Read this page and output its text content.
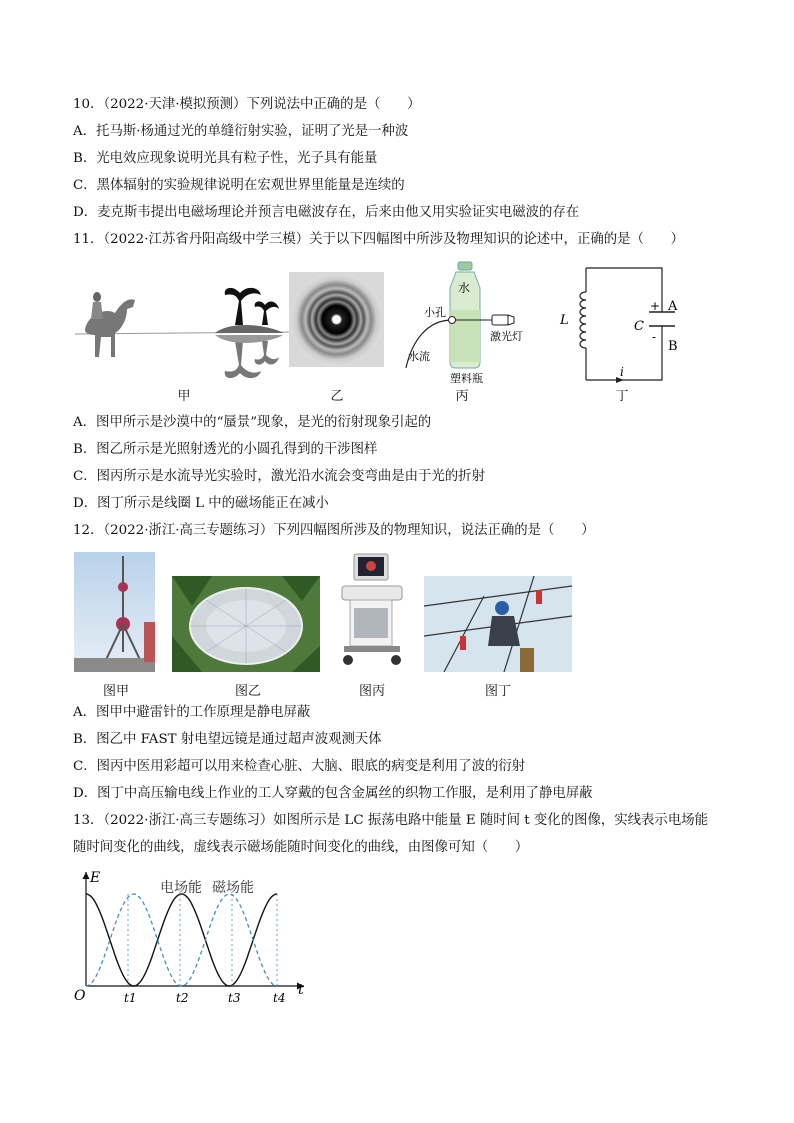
10．（2022·天津·模拟预测）下列说法中正确的是（　　）
A．托马斯·杨通过光的单缝衍射实验，证明了光是一种波
B．光电效应现象说明光具有粒子性，光子具有能量
C．黑体辐射的实验规律说明在宏观世界里能量是连续的
D．麦克斯韦提出电磁场理论并预言电磁波存在，后来由他又用实验证实电磁波的存在
11．（2022·江苏省丹阳高级中学三模）关于以下四幅图中所涉及物理知识的论述中，正确的是（　　）
甲	乙
水
小孔
激光灯
水流
塑料瓶
丙
L	C
+
-
A
B
i
丁
A．图甲所示是沙漠中的“蜃景”现象，是光的衍射现象引起的
B．图乙所示是光照射透光的小圆孔得到的干涉图样
C．图丙所示是水流导光实验时，激光沿水流会变弯曲是由于光的折射
D．图丁所示是线圈 L 中的磁场能正在减小
12．（2022·浙江·高三专题练习）下列四幅图所涉及的物理知识，说法正确的是（　　）
图甲	图乙	图丙	图丁
A．图甲中避雷针的工作原理是静电屏蔽
B．图乙中 FAST 射电望远镜是通过超声波观测天体
C．图丙中医用彩超可以用来检查心脏、大脑、眼底的病变是利用了波的衍射
D．图丁中高压输电线上作业的工人穿戴的包含金属丝的织物工作服，是利用了静电屏蔽
13．（2022·浙江·高三专题练习）如图所示是 LC 振荡电路中能量 E 随时间 t 变化的图像，实线表示电场能
随时间变化的曲线，虚线表示磁场能随时间变化的曲线，由图像可知（　　）
E
t
O	t1	t2	t3	t4
电场能 磁场能
